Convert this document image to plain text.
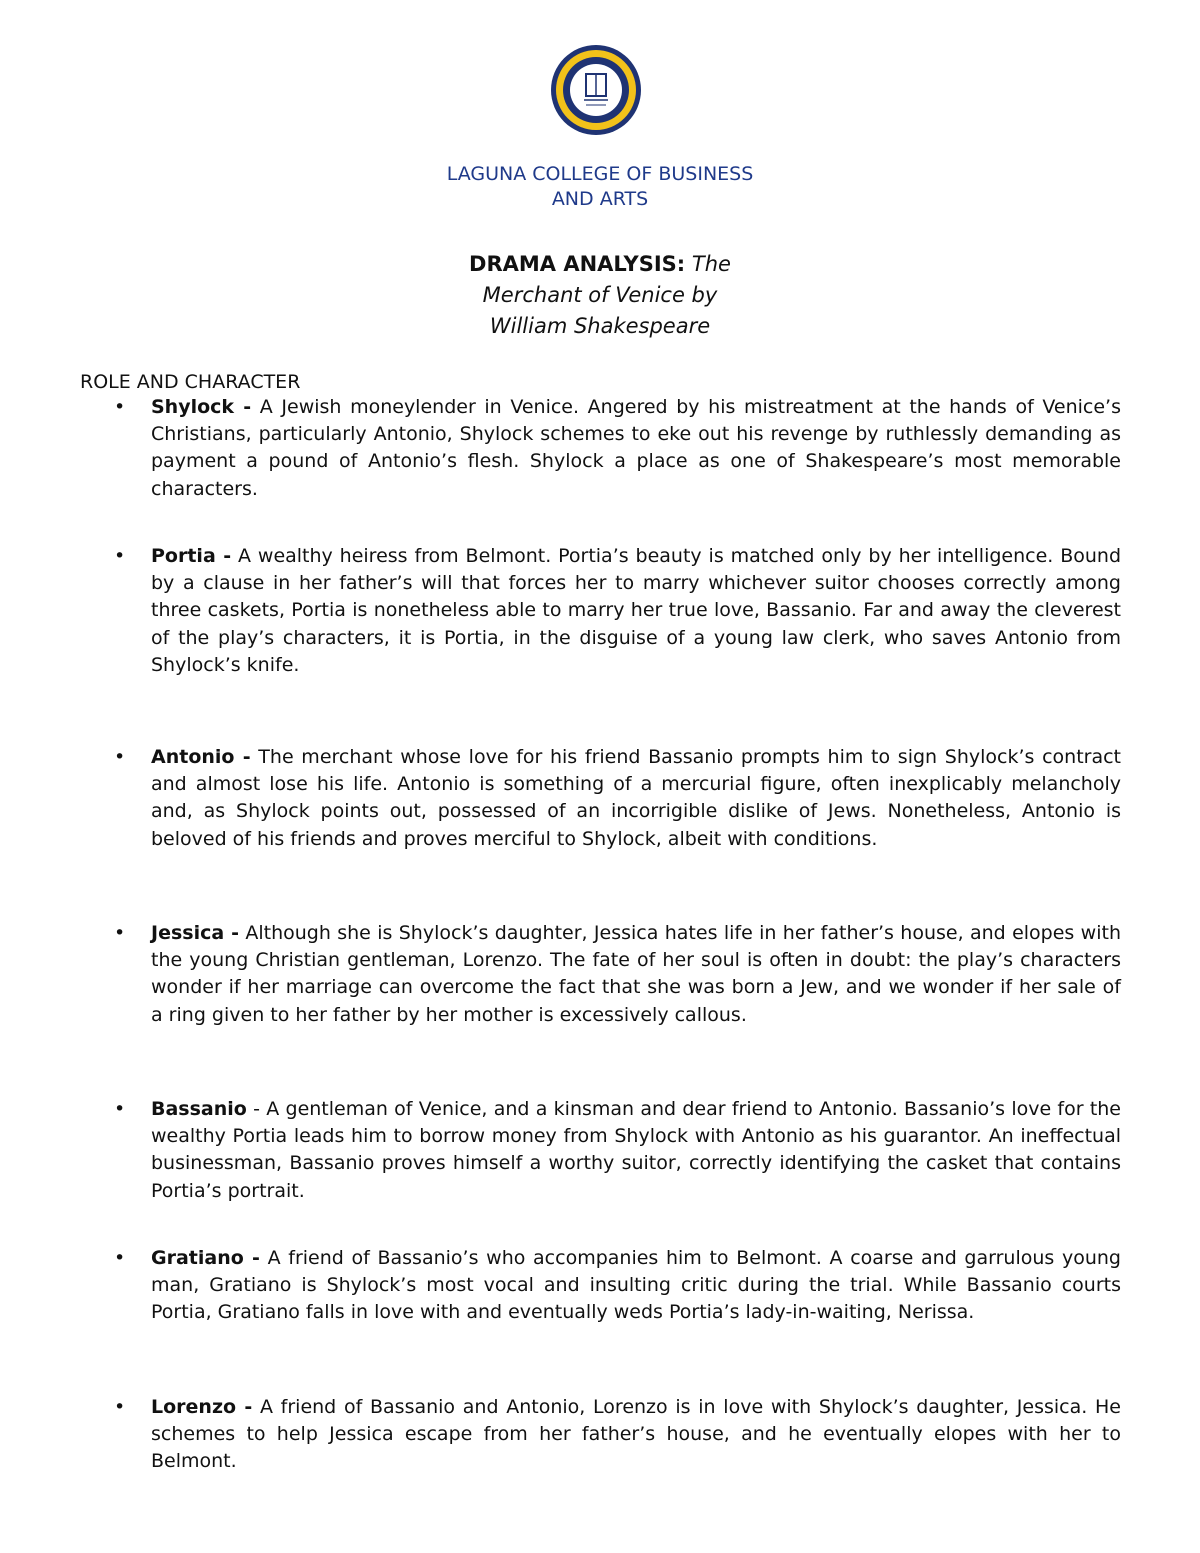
LAGUNA COLLEGE OF BUSINESS
AND ARTS
DRAMA ANALYSIS: The
Merchant of Venice by
William Shakespeare
ROLE AND CHARACTER
• Shylock - A Jewish moneylender in Venice. Angered by his mistreatment at the hands of Venice’s Christians, particularly Antonio, Shylock schemes to eke out his revenge by ruthlessly demanding as payment a pound of Antonio’s flesh. Shylock a place as one of Shakespeare’s most memorable characters.
• Portia - A wealthy heiress from Belmont. Portia’s beauty is matched only by her intelligence. Bound by a clause in her father’s will that forces her to marry whichever suitor chooses correctly among three caskets, Portia is nonetheless able to marry her true love, Bassanio. Far and away the cleverest of the play’s characters, it is Portia, in the disguise of a young law clerk, who saves Antonio from Shylock’s knife.
• Antonio - The merchant whose love for his friend Bassanio prompts him to sign Shylock’s contract and almost lose his life. Antonio is something of a mercurial figure, often inexplicably melancholy and, as Shylock points out, possessed of an incorrigible dislike of Jews. Nonetheless, Antonio is beloved of his friends and proves merciful to Shylock, albeit with conditions.
• Jessica - Although she is Shylock’s daughter, Jessica hates life in her father’s house, and elopes with the young Christian gentleman, Lorenzo. The fate of her soul is often in doubt: the play’s characters wonder if her marriage can overcome the fact that she was born a Jew, and we wonder if her sale of a ring given to her father by her mother is excessively callous.
• Bassanio - A gentleman of Venice, and a kinsman and dear friend to Antonio. Bassanio’s love for the wealthy Portia leads him to borrow money from Shylock with Antonio as his guarantor. An ineffectual businessman, Bassanio proves himself a worthy suitor, correctly identifying the casket that contains Portia’s portrait.
• Gratiano - A friend of Bassanio’s who accompanies him to Belmont. A coarse and garrulous young man, Gratiano is Shylock’s most vocal and insulting critic during the trial. While Bassanio courts Portia, Gratiano falls in love with and eventually weds Portia’s lady-in-waiting, Nerissa.
• Lorenzo - A friend of Bassanio and Antonio, Lorenzo is in love with Shylock’s daughter, Jessica. He schemes to help Jessica escape from her father’s house, and he eventually elopes with her to Belmont.
